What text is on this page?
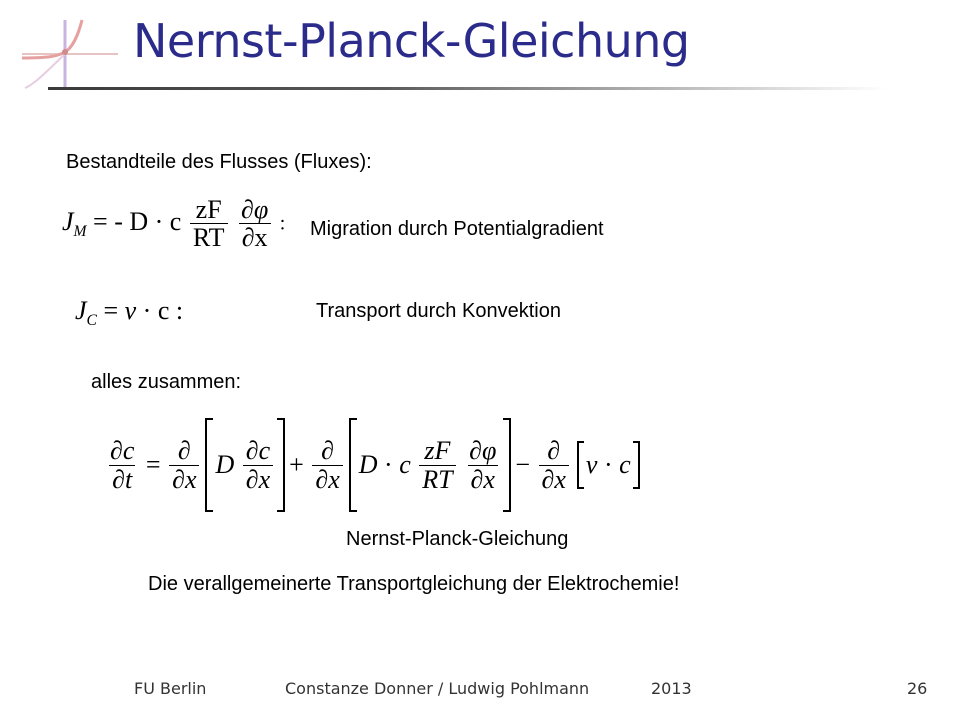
Nernst-Planck-Gleichung
Bestandteile des Flusses (Fluxes):
$J_M$ = - D · c $\frac{zF}{RT}$
$\frac{\partial\varphi}{\partial x}$ : Migration durch Potentialgradient
$J_C = v \cdot c$ :	Transport durch Konvektion
alles zusammen:
$\frac{\partial c}{\partial t} = \frac{\partial}{\partial x}$ D $\frac{\partial c}{\partial x} + \frac{\partial}{\partial x}$ D · c $\frac{zF}{RT}$
$\frac{\partial\varphi}{\partial x} - \frac{\partial}{\partial x}$ v · c
Nernst-Planck-Gleichung
Die verallgemeinerte Transportgleichung der Elektrochemie!
FU Berlin	Constanze Donner / Ludwig Pohlmann	2013	26
